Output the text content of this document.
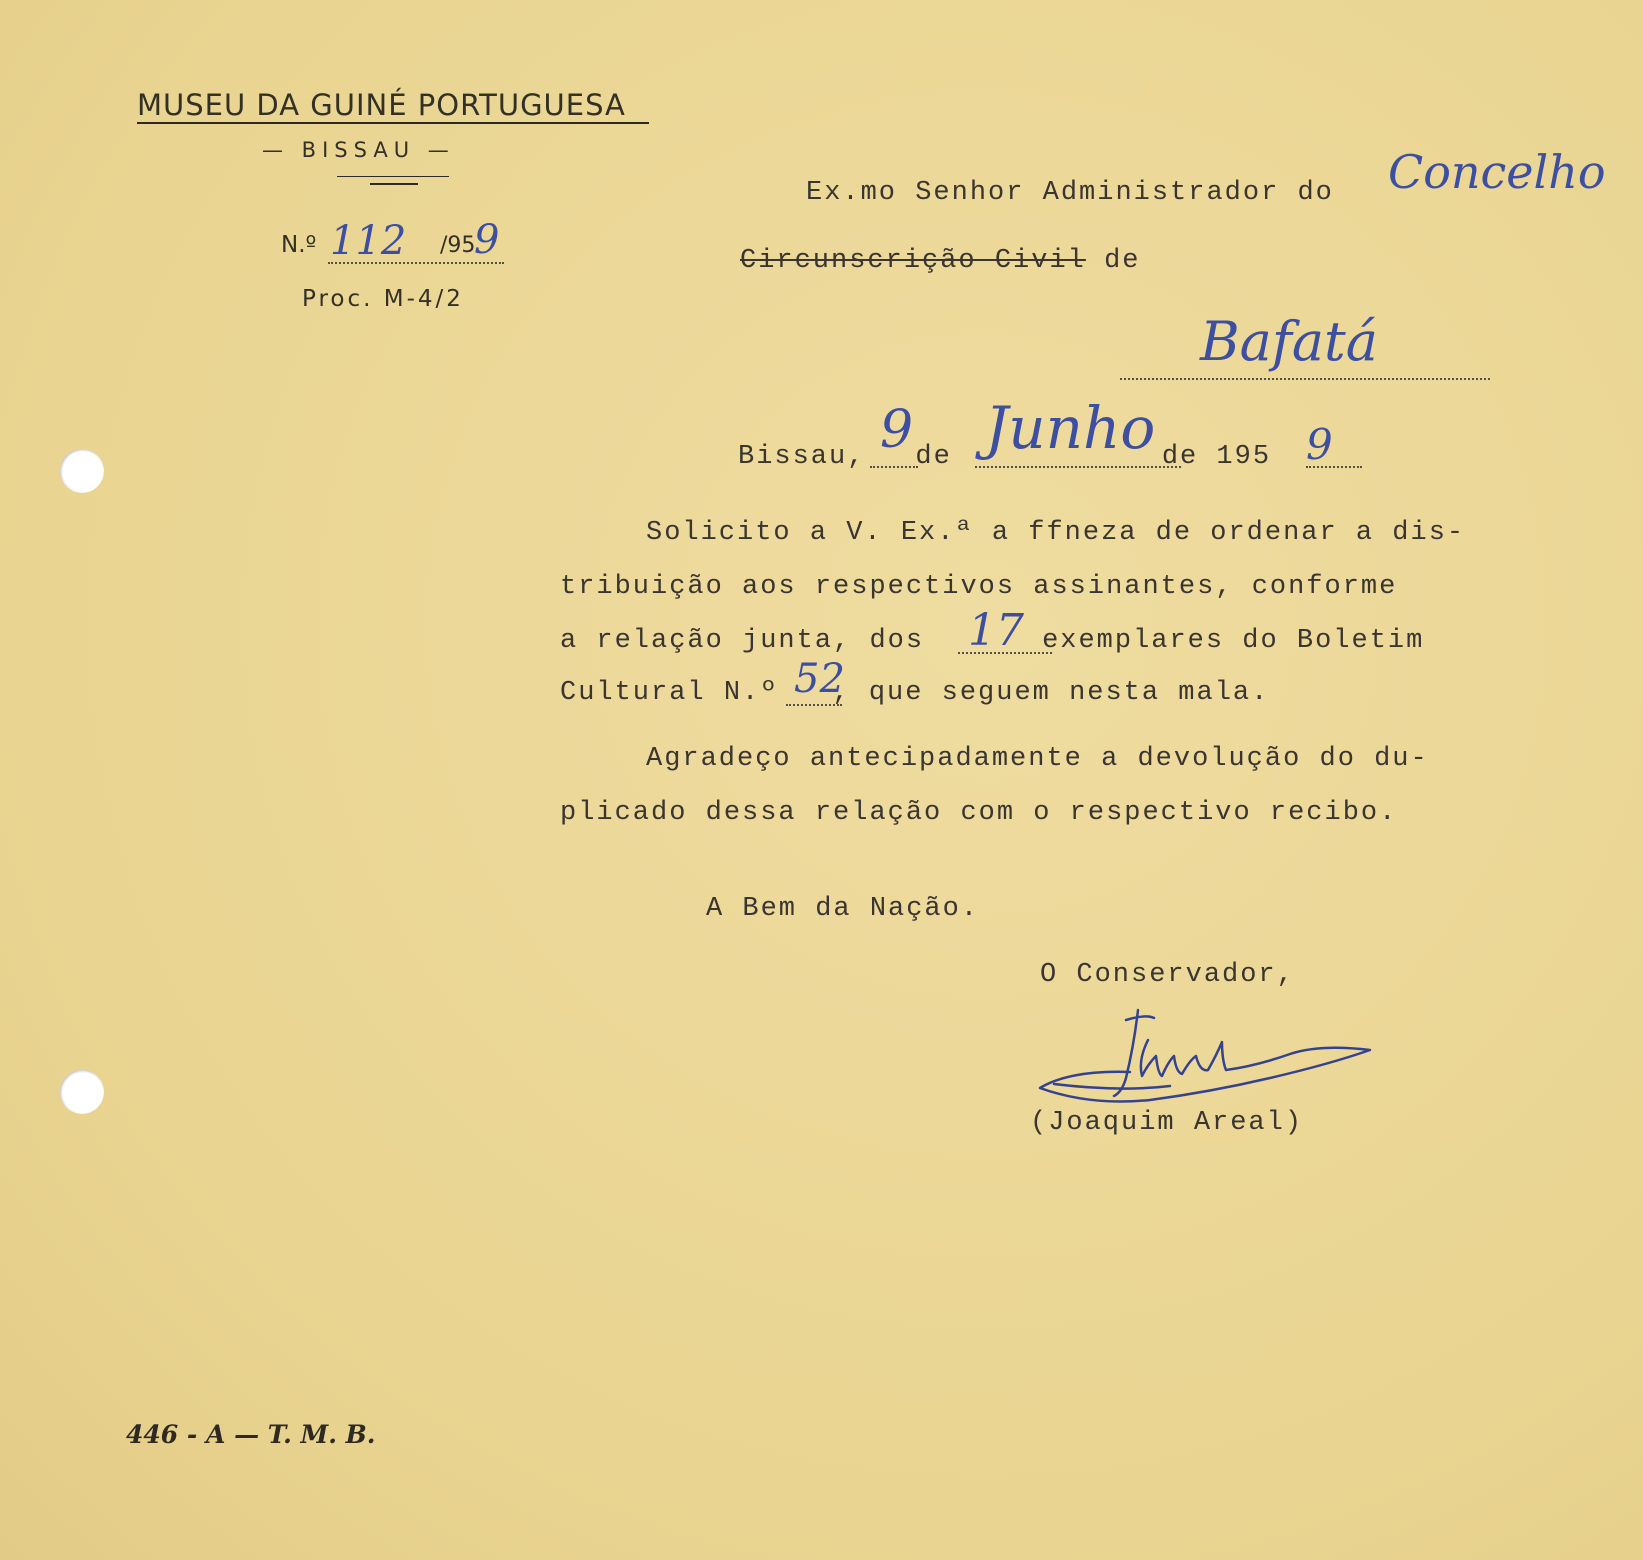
MUSEU DA GUINÉ PORTUGUESA
— BISSAU —
N.º 112 /95
9
Proc. M-4/2
Ex.mo Senhor Administrador do Concelho
Circunscrição Civil de
Bafatá
Bissau, de	de 195
9 Junho	9
Solicito a V. Ex.ª a ffneza de ordenar a dis-
tribuição aos respectivos assinantes, conforme
a relação junta, dos	exemplares do Boletim
17
Cultural N.º , que seguem nesta mala.
52
Agradeço antecipadamente a devolução do du-
plicado dessa relação com o respectivo recibo.
A Bem da Nação.
O Conservador,
(Joaquim Areal)
446 - A — T. M. B.
